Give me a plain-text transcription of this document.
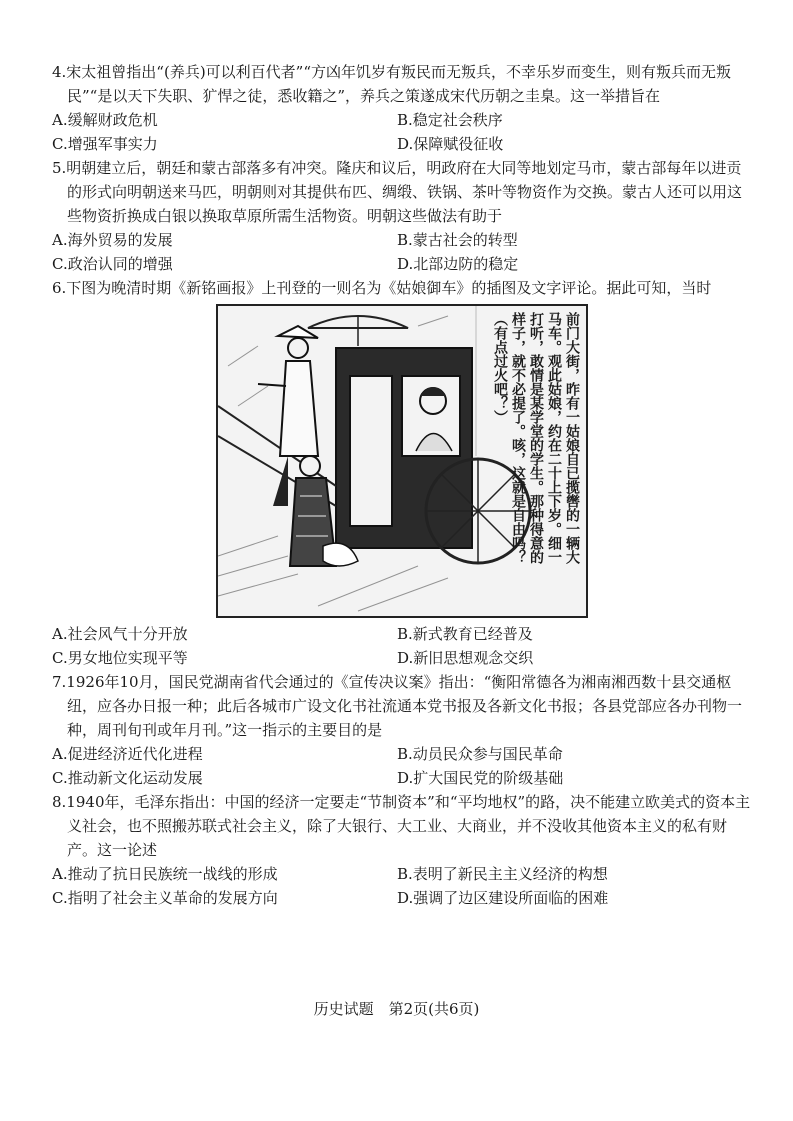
4.宋太祖曾指出“(养兵)可以利百代者”“方凶年饥岁有叛民而无叛兵，不幸乐岁而变生，则有叛兵而无叛民”“是以天下失职、犷悍之徒，悉收籍之”，养兵之策遂成宋代历朝之圭臬。这一举措旨在

A.缓解财政危机	B.稳定社会秩序
C.增强军事实力	D.保障赋役征收

5.明朝建立后，朝廷和蒙古部落多有冲突。隆庆和议后，明政府在大同等地划定马市，蒙古部每年以进贡的形式向明朝送来马匹，明朝则对其提供布匹、绸缎、铁锅、茶叶等物资作为交换。蒙古人还可以用这些物资折换成白银以换取草原所需生活物资。明朝这些做法有助于

A.海外贸易的发展	B.蒙古社会的转型
C.政治认同的增强	D.北部边防的稳定

6.下图为晚清时期《新铭画报》上刊登的一则名为《姑娘御车》的插图及文字评论。据此可知，当时

前门大街，昨有一姑娘自已揽辔的一辆大
马车。观此姑娘，约在二十上下岁。细一
打听，敢情是某学堂的学生。那种得意的
样子，就不必提了。咳，这就是自由吗？
（有点过火吧？）
A.社会风气十分开放	B.新式教育已经普及
C.男女地位实现平等	D.新旧思想观念交织

7.1926年10月，国民党湖南省代会通过的《宣传决议案》指出：“衡阳常德各为湘南湘西数十县交通枢纽，应各办日报一种；此后各城市广设文化书社流通本党书报及各新文化书报；各县党部应各办刊物一种，周刊旬刊或年月刊。”这一指示的主要目的是

A.促进经济近代化进程	B.动员民众参与国民革命
C.推动新文化运动发展	D.扩大国民党的阶级基础

8.1940年，毛泽东指出：中国的经济一定要走“节制资本”和“平均地权”的路，决不能建立欧美式的资本主义社会，也不照搬苏联式社会主义，除了大银行、大工业、大商业，并不没收其他资本主义的私有财产。这一论述

A.推动了抗日民族统一战线的形成	B.表明了新民主主义经济的构想
C.指明了社会主义革命的发展方向	D.强调了边区建设所面临的困难
历史试题　第2页(共6页)
